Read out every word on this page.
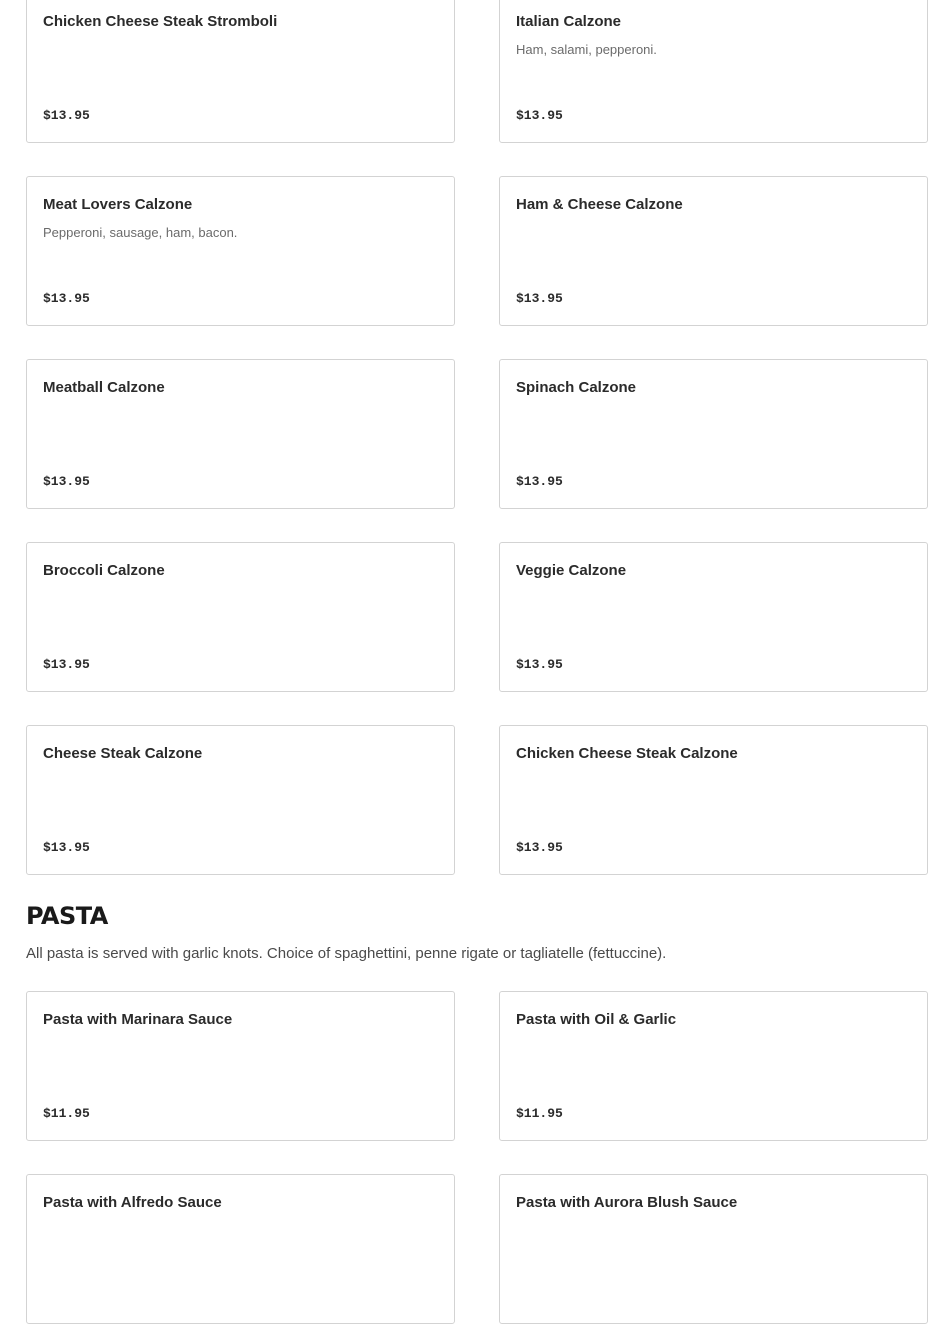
Chicken Cheese Steak Stromboli
$13.95
Italian Calzone
Ham, salami, pepperoni.
$13.95
Meat Lovers Calzone
Pepperoni, sausage, ham, bacon.
$13.95
Ham & Cheese Calzone
$13.95
Meatball Calzone
$13.95
Spinach Calzone
$13.95
Broccoli Calzone
$13.95
Veggie Calzone
$13.95
Cheese Steak Calzone
$13.95
Chicken Cheese Steak Calzone
$13.95
PASTA

All pasta is served with garlic knots. Choice of spaghettini, penne rigate or tagliatelle (fettuccine).

Pasta with Marinara Sauce
$11.95
Pasta with Oil & Garlic
$11.95
Pasta with Alfredo Sauce	Pasta with Aurora Blush Sauce
